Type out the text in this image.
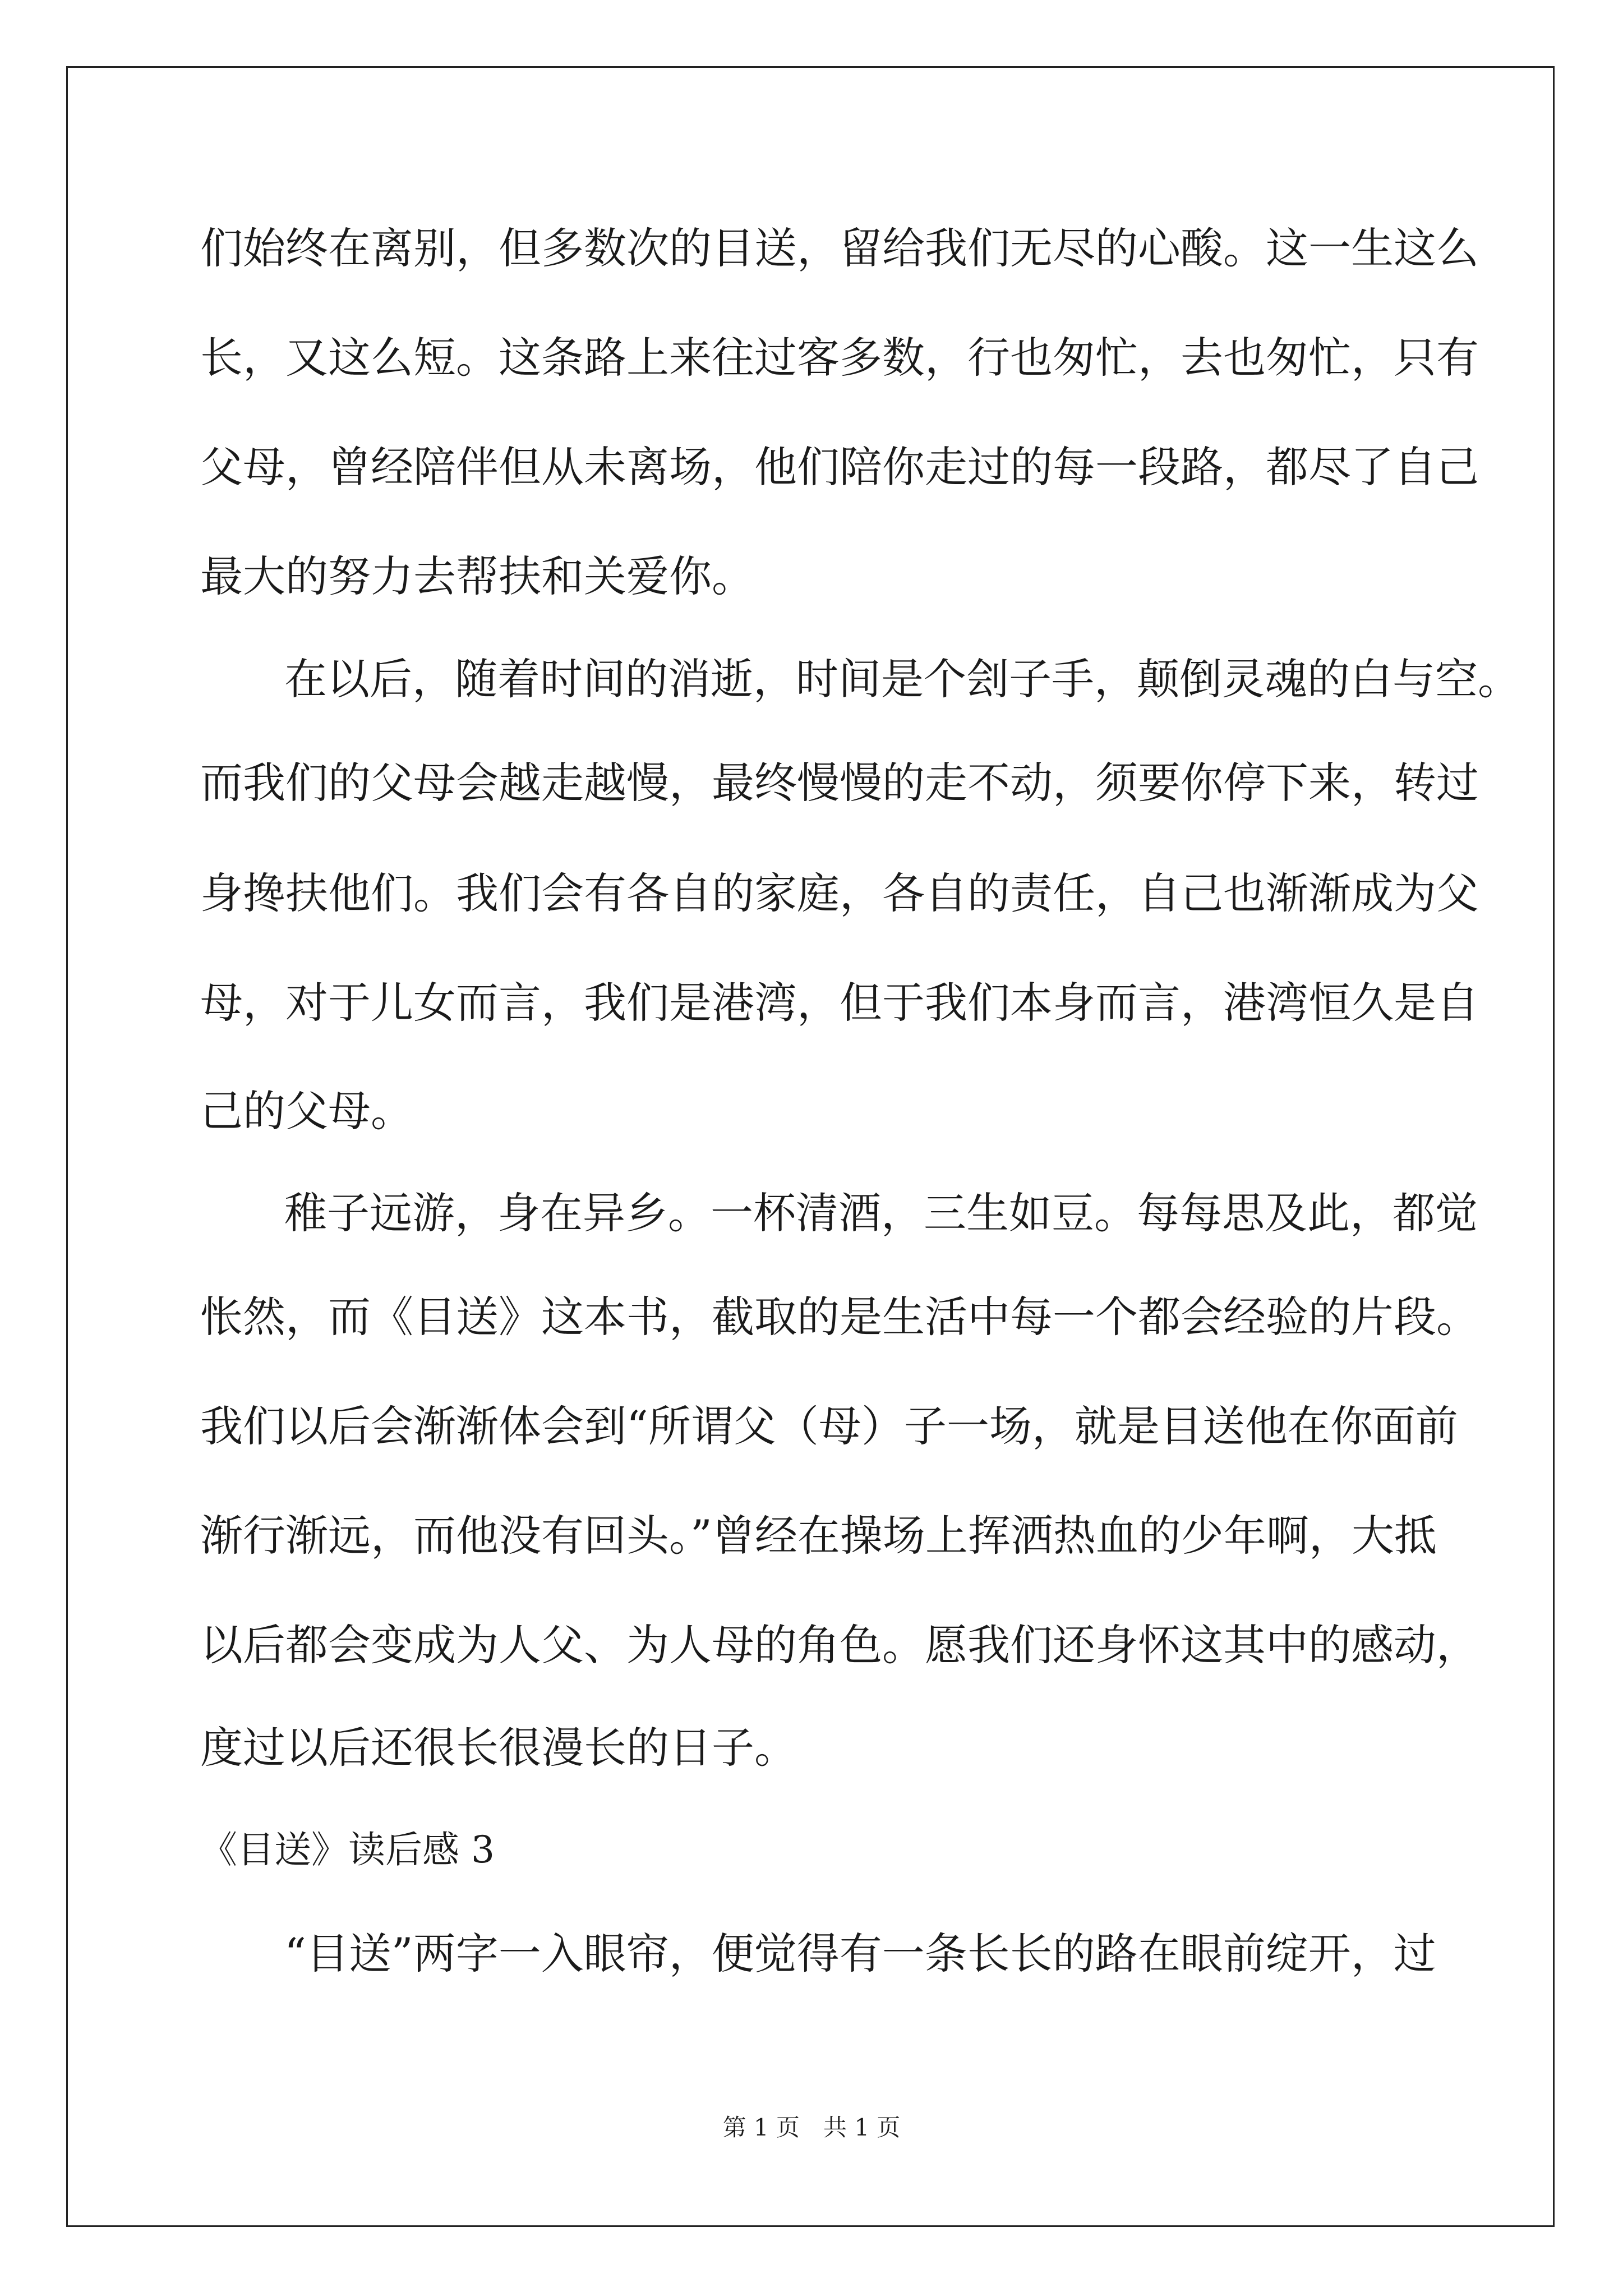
们始终在离别，但多数次的目送，留给我们无尽的心酸。这一生这么
长，又这么短。这条路上来往过客多数，行也匆忙，去也匆忙，只有
父母，曾经陪伴但从未离场，他们陪你走过的每一段路，都尽了自己
最大的努力去帮扶和关爱你。
在以后，随着时间的消逝，时间是个刽子手，颠倒灵魂的白与空。
而我们的父母会越走越慢，最终慢慢的走不动，须要你停下来，转过
身搀扶他们。我们会有各自的家庭，各自的责任，自己也渐渐成为父
母，对于儿女而言，我们是港湾，但于我们本身而言，港湾恒久是自
己的父母。
稚子远游，身在异乡。一杯清酒，三生如豆。每每思及此，都觉
怅然，而《目送》这本书，截取的是生活中每一个都会经验的片段。
我们以后会渐渐体会到“所谓父（母）子一场，就是目送他在你面前
渐行渐远，而他没有回头。”曾经在操场上挥洒热血的少年啊，大抵
以后都会变成为人父、为人母的角色。愿我们还身怀这其中的感动，
度过以后还很长很漫长的日子。
《目送》读后感 3
“目送”两字一入眼帘，便觉得有一条长长的路在眼前绽开，过
第 1 页　共 1 页
